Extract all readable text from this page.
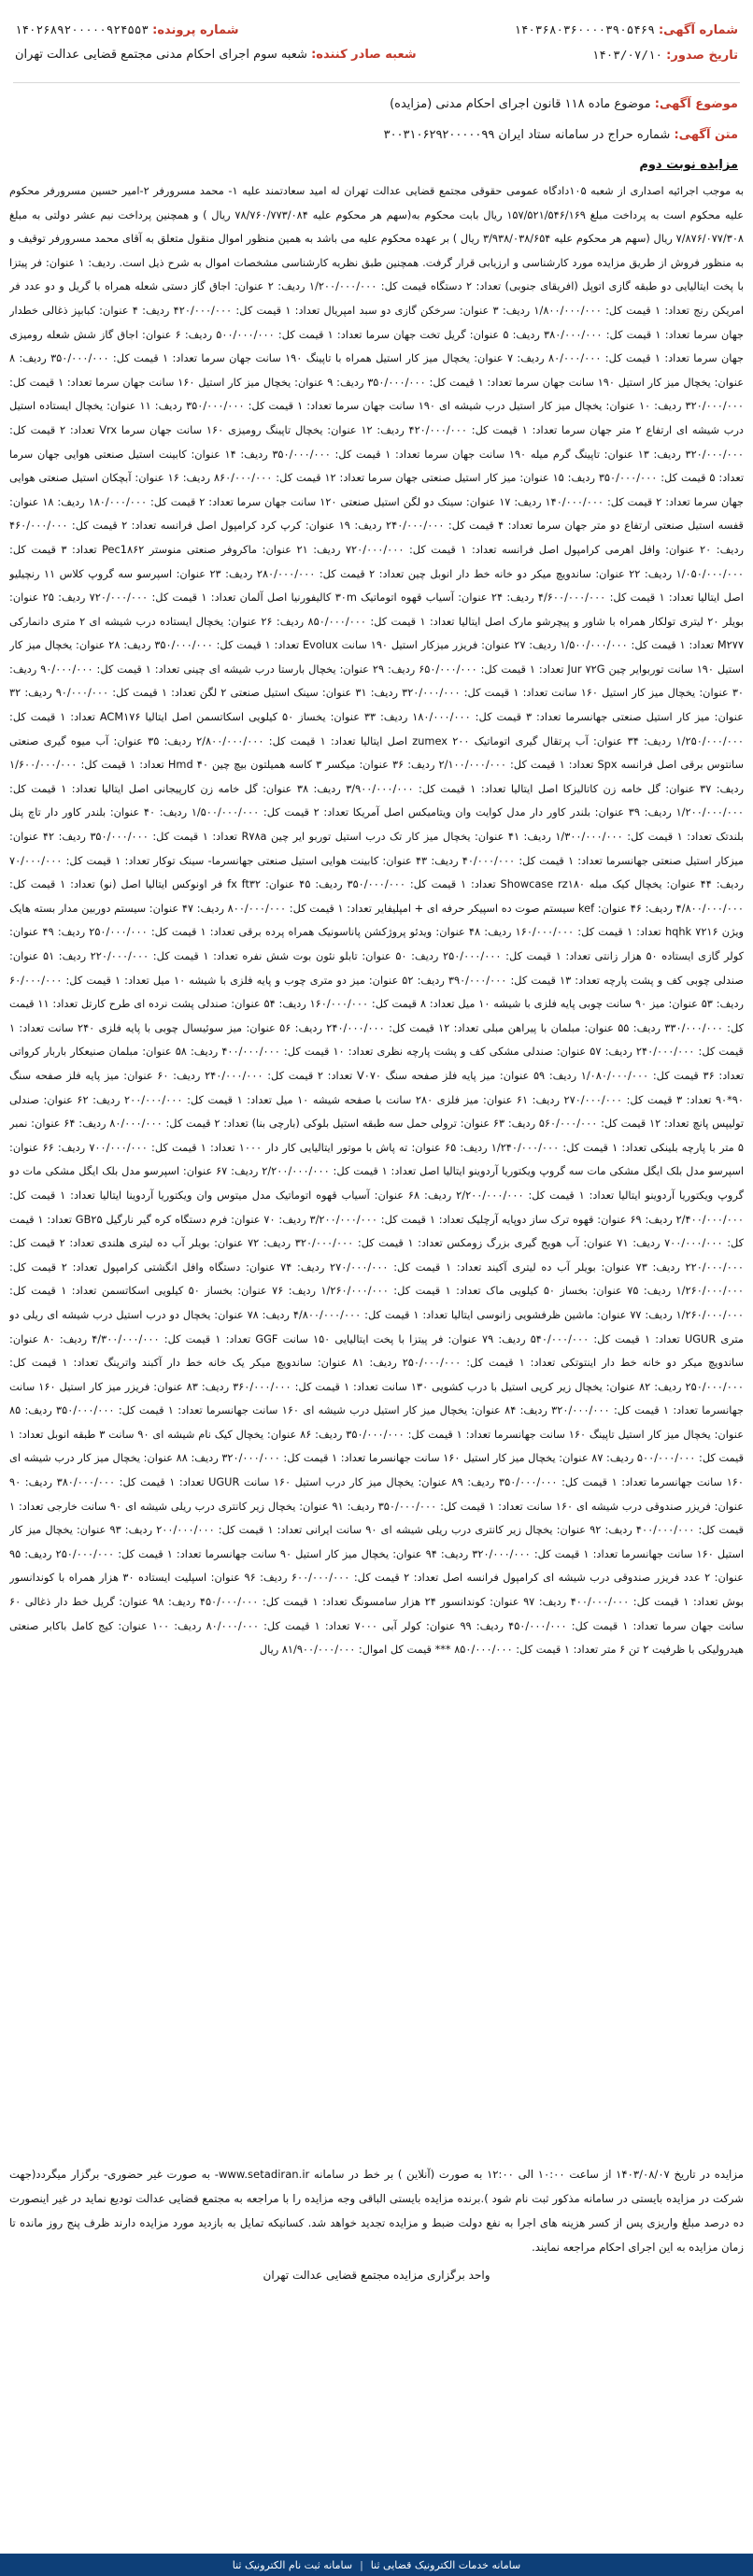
شماره آگهی: ۱۴۰۳۶۸۰۳۶۰۰۰۰۳۹۰۵۴۶۹
شماره پرونده: ۱۴۰۲۶۸۹۲۰۰۰۰۰۹۲۴۵۵۳
تاریخ صدور: ۱۴۰۳/۰۷/۱۰
شعبه صادر کننده: شعبه سوم اجرای احکام مدنی مجتمع قضایی عدالت تهران
موضوع آگهی: موضوع ماده ۱۱۸ قانون اجرای احکام مدنی (مزایده)
متن آگهی: شماره حراج در سامانه ستاد ایران ۳۰۰۳۱۰۶۲۹۲۰۰۰۰۰۹۹
مزایده نوبت دوم
به موجب اجرائیه اصداری از شعبه ۱۰۵دادگاه عمومی حقوقی مجتمع قضایی عدالت تهران له امید سعادتمند علیه ۱- محمد مسرورفر ۲-امیر حسین مسرورفر محکوم علیه محکوم است به پرداخت مبلغ ۱۵۷/۵۲۱/۵۴۶/۱۶۹ ریال بابت محکوم به(سهم هر محکوم علیه ۷۸/۷۶۰/۷۷۳/۰۸۴ ریال ) و همچنین پرداخت نیم عشر دولتی به مبلغ ۷/۸۷۶/۰۷۷/۳۰۸ ریال (سهم هر محکوم علیه ۳/۹۳۸/۰۳۸/۶۵۴ ریال ) بر عهده محکوم علیه می باشد به همین منظور اموال منقول متعلق به آقای محمد مسرورفر توقیف و به منظور فروش از طریق مزایده مورد کارشناسی و ارزیابی قرار گرفت. همچنین طبق نظریه کارشناسی مشخصات اموال به شرح ذیل است. ردیف: ۱ عنوان: فر پیتزا با پخت ایتالیایی دو طبقه گازی اتوپل (افریقای جنوبی) تعداد: ۲ دستگاه قیمت کل: ۱/۲۰۰/۰۰۰/۰۰۰ ردیف: ۲ عنوان: اجاق گاز دستی شعله همراه با گریل و دو عدد فر امریکن رنج تعداد: ۱ قیمت کل: ۱/۸۰۰/۰۰۰/۰۰۰ ردیف: ۳ عنوان: سرخکن گازی دو سبد امپریال تعداد: ۱ قیمت کل: ۴۲۰/۰۰۰/۰۰۰ ردیف: ۴ عنوان: کبابپز ذغالی خطدار جهان سرما تعداد: ۱ قیمت کل: ۳۸۰/۰۰۰/۰۰۰ ردیف: ۵ عنوان: گریل تخت جهان سرما تعداد: ۱ قیمت کل: ۵۰۰/۰۰۰/۰۰۰ ردیف: ۶ عنوان: اجاق گاز شش شعله رومیزی جهان سرما تعداد: ۱ قیمت کل: ۸۰/۰۰۰/۰۰۰ ردیف: ۷ عنوان: یخچال میز کار استیل همراه با تاپینگ ۱۹۰ سانت جهان سرما تعداد: ۱ قیمت کل: ۳۵۰/۰۰۰/۰۰۰ ردیف: ۸ عنوان: یخچال میز کار استیل ۱۹۰ سانت جهان سرما تعداد: ۱ قیمت کل: ۳۵۰/۰۰۰/۰۰۰ ردیف: ۹ عنوان: یخچال میز کار استیل ۱۶۰ سانت جهان سرما تعداد: ۱ قیمت کل: ۳۲۰/۰۰۰/۰۰۰ ردیف: ۱۰ عنوان: یخچال میز کار استیل درب شیشه ای ۱۹۰ سانت جهان سرما تعداد: ۱ قیمت کل: ۳۵۰/۰۰۰/۰۰۰ ردیف: ۱۱ عنوان: یخچال ایستاده استیل درب شیشه ای ارتفاع ۲ متر جهان سرما تعداد: ۱ قیمت کل: ۴۲۰/۰۰۰/۰۰۰ ردیف: ۱۲ عنوان: یخچال تاپینگ رومیزی ۱۶۰ سانت جهان سرما Vrx تعداد: ۲ قیمت کل: ۳۲۰/۰۰۰/۰۰۰ ردیف: ۱۳ عنوان: تاپینگ گرم میله ۱۹۰ سانت جهان سرما تعداد: ۱ قیمت کل: ۳۵۰/۰۰۰/۰۰۰ ردیف: ۱۴ عنوان: کابینت استیل صنعتی هوایی جهان سرما تعداد: ۵ قیمت کل: ۳۵۰/۰۰۰/۰۰۰ ردیف: ۱۵ عنوان: میز کار استیل صنعتی جهان سرما تعداد: ۱۲ قیمت کل: ۸۶۰/۰۰۰/۰۰۰ ردیف: ۱۶ عنوان: آبچکان استیل صنعتی هوایی جهان سرما تعداد: ۲ قیمت کل: ۱۴۰/۰۰۰/۰۰۰ ردیف: ۱۷ عنوان: سینک دو لگن استیل صنعتی ۱۲۰ سانت جهان سرما تعداد: ۲ قیمت کل: ۱۸۰/۰۰۰/۰۰۰ ردیف: ۱۸ عنوان: قفسه استیل صنعتی ارتفاع دو متر جهان سرما تعداد: ۴ قیمت کل: ۲۴۰/۰۰۰/۰۰۰ ردیف: ۱۹ عنوان: کرپ کرد کرامپول اصل فرانسه تعداد: ۲ قیمت کل: ۴۶۰/۰۰۰/۰۰۰ ردیف: ۲۰ عنوان: وافل اهرمی کرامپول اصل فرانسه تعداد: ۱ قیمت کل: ۷۲۰/۰۰۰/۰۰۰ ردیف: ۲۱ عنوان: ماکروفر صنعتی منوستر Pec1۸۶۲ تعداد: ۳ قیمت کل: ۱/۰۵۰/۰۰۰/۰۰۰ ردیف: ۲۲ عنوان: ساندویچ میکر دو خانه خط دار انوبل چین تعداد: ۲ قیمت کل: ۲۸۰/۰۰۰/۰۰۰ ردیف: ۲۳ عنوان: اسپرسو سه گروپ کلاس ۱۱ رنچیلیو اصل ایتالیا تعداد: ۱ قیمت کل: ۴/۶۰۰/۰۰۰/۰۰۰ ردیف: ۲۴ عنوان: آسیاب قهوه اتوماتیک ۳۰m کالیفورنیا اصل آلمان تعداد: ۱ قیمت کل: ۷۲۰/۰۰۰/۰۰۰ ردیف: ۲۵ عنوان: بویلر ۲۰ لیتری تولکار همراه با شاور و پیچرشو مارک اصل ایتالیا تعداد: ۱ قیمت کل: ۸۵۰/۰۰۰/۰۰۰ ردیف: ۲۶ عنوان: یخچال ایستاده درب شیشه ای ۲ متری دانمارکی M۲۷۷ تعداد: ۱ قیمت کل: ۱/۵۰۰/۰۰۰/۰۰۰ ردیف: ۲۷ عنوان: فریزر میزکار استیل ۱۹۰ سانت Evolux تعداد: ۱ قیمت کل: ۳۵۰/۰۰۰/۰۰۰ ردیف: ۲۸ عنوان: یخچال میز کار استیل ۱۹۰ سانت توربوایر چین Jur ۷۲G تعداد: ۱ قیمت کل: ۶۵۰/۰۰۰/۰۰۰ ردیف: ۲۹ عنوان: یخچال بارستا درب شیشه ای چینی تعداد: ۱ قیمت کل: ۹۰/۰۰۰/۰۰۰ ردیف: ۳۰ عنوان: یخچال میز کار استیل ۱۶۰ سانت تعداد: ۱ قیمت کل: ۳۲۰/۰۰۰/۰۰۰ ردیف: ۳۱ عنوان: سینک استیل صنعتی ۲ لگن تعداد: ۱ قیمت کل: ۹۰/۰۰۰/۰۰۰ ردیف: ۳۲ عنوان: میز کار استیل صنعتی جهانسرما تعداد: ۳ قیمت کل: ۱۸۰/۰۰۰/۰۰۰ ردیف: ۳۳ عنوان: یخساز ۵۰ کیلویی اسکاتسمن اصل ایتالیا ACM۱۷۶ تعداد: ۱ قیمت کل: ۱/۲۵۰/۰۰۰/۰۰۰ ردیف: ۳۴ عنوان: آب پرتقال گیری اتوماتیک ۲۰۰ zumex اصل ایتالیا تعداد: ۱ قیمت کل: ۲/۸۰۰/۰۰۰/۰۰۰ ردیف: ۳۵ عنوان: آب میوه گیری صنعتی سانتوس برقی اصل فرانسه Spx تعداد: ۱ قیمت کل: ۲/۱۰۰/۰۰۰/۰۰۰ ردیف: ۳۶ عنوان: میکسر ۳ کاسه همیلتون بیچ چین Hmd ۴۰ تعداد: ۱ قیمت کل: ۱/۶۰۰/۰۰۰/۰۰۰ ردیف: ۳۷ عنوان: گل خامه زن کاتالیزکا اصل ایتالیا تعداد: ۱ قیمت کل: ۳/۹۰۰/۰۰۰/۰۰۰ ردیف: ۳۸ عنوان: گل خامه زن کارپیجانی اصل ایتالیا تعداد: ۱ قیمت کل: ۱/۲۰۰/۰۰۰/۰۰۰ ردیف: ۳۹ عنوان: بلندر کاور دار مدل کوایت وان ویتامیکس اصل آمریکا تعداد: ۲ قیمت کل: ۱/۵۰۰/۰۰۰/۰۰۰ ردیف: ۴۰ عنوان: بلندر کاور دار تاچ پنل بلندتک تعداد: ۱ قیمت کل: ۱/۳۰۰/۰۰۰/۰۰۰ ردیف: ۴۱ عنوان: یخچال میز کار تک درب استیل توربو ایر چین R۷۸a تعداد: ۱ قیمت کل: ۳۵۰/۰۰۰/۰۰۰ ردیف: ۴۲ عنوان: میزکار استیل صنعتی جهانسرما تعداد: ۱ قیمت کل: ۴۰/۰۰۰/۰۰۰ ردیف: ۴۳ عنوان: کابینت هوایی استیل صنعتی جهانسرما- سینک توکار تعداد: ۱ قیمت کل: ۷۰/۰۰۰/۰۰۰ ردیف: ۴۴ عنوان: یخچال کیک مبله Showcase rz۱۸۰ تعداد: ۱ قیمت کل: ۳۵۰/۰۰۰/۰۰۰ ردیف: ۴۵ عنوان: fx ft۳۲ فر اونوکس ایتالیا اصل (نو) تعداد: ۱ قیمت کل: ۴/۸۰۰/۰۰۰/۰۰۰ ردیف: ۴۶ عنوان: kef سیستم صوت ده اسپیکر حرفه ای + امپلیفایر تعداد: ۱ قیمت کل: ۸۰۰/۰۰۰/۰۰۰ ردیف: ۴۷ عنوان: سیستم دوربین مدار بسته هایک ویژن ۷۲۱۶ hqhk تعداد: ۱ قیمت کل: ۱۶۰/۰۰۰/۰۰۰ ردیف: ۴۸ عنوان: ویدئو پروژکشن پاناسونیک همراه پرده برقی تعداد: ۱ قیمت کل: ۲۵۰/۰۰۰/۰۰۰ ردیف: ۴۹ عنوان: کولر گازی ایستاده ۵۰ هزار زانتی تعداد: ۱ قیمت کل: ۲۵۰/۰۰۰/۰۰۰ ردیف: ۵۰ عنوان: تابلو نئون بوت شش نفره تعداد: ۱ قیمت کل: ۲۲۰/۰۰۰/۰۰۰ ردیف: ۵۱ عنوان: صندلی چوبی کف و پشت پارچه تعداد: ۱۳ قیمت کل: ۳۹۰/۰۰۰/۰۰۰ ردیف: ۵۲ عنوان: میز دو متری چوب و پایه فلزی با شیشه ۱۰ میل تعداد: ۱ قیمت کل: ۶۰/۰۰۰/۰۰۰ ردیف: ۵۳ عنوان: میز ۹۰ سانت چوبی پایه فلزی با شیشه ۱۰ میل تعداد: ۸ قیمت کل: ۱۶۰/۰۰۰/۰۰۰ ردیف: ۵۴ عنوان: صندلی پشت نرده ای طرح کارتل تعداد: ۱۱ قیمت کل: ۳۳۰/۰۰۰/۰۰۰ ردیف: ۵۵ عنوان: مبلمان با پیراهن مبلی تعداد: ۱۲ قیمت کل: ۲۴۰/۰۰۰/۰۰۰ ردیف: ۵۶ عنوان: میز سوئیسال چوبی با پایه فلزی ۲۴۰ سانت تعداد: ۱ قیمت کل: ۲۴۰/۰۰۰/۰۰۰ ردیف: ۵۷ عنوان: صندلی مشکی کف و پشت پارچه نظری تعداد: ۱۰ قیمت کل: ۴۰۰/۰۰۰/۰۰۰ ردیف: ۵۸ عنوان: مبلمان صنیعکار باربار کرواتی تعداد: ۳۶ قیمت کل: ۱/۰۸۰/۰۰۰/۰۰۰ ردیف: ۵۹ عنوان: میز پایه فلز صفحه سنگ V۰۷۰ تعداد: ۲ قیمت کل: ۲۴۰/۰۰۰/۰۰۰ ردیف: ۶۰ عنوان: میز پایه فلز صفحه سنگ ۹۰*۹۰ تعداد: ۳ قیمت کل: ۲۷۰/۰۰۰/۰۰۰ ردیف: ۶۱ عنوان: میز فلزی ۲۸۰ سانت با صفحه شیشه ۱۰ میل تعداد: ۱ قیمت کل: ۲۰۰/۰۰۰/۰۰۰ ردیف: ۶۲ عنوان: صندلی تولیپس پانچ تعداد: ۱۲ قیمت کل: ۵۶۰/۰۰۰/۰۰۰ ردیف: ۶۳ عنوان: ترولی حمل سه طبقه استیل بلوکی (بارچی بنا) تعداد: ۲ قیمت کل: ۸۰/۰۰۰/۰۰۰ ردیف: ۶۴ عنوان: نمبر ۵ متر با پارچه بلینکی تعداد: ۱ قیمت کل: ۱/۲۴۰/۰۰۰/۰۰۰ ردیف: ۶۵ عنوان: ته پاش با موتور ایتالیایی کار دار ۱۰۰۰ تعداد: ۱ قیمت کل: ۷۰۰/۰۰۰/۰۰۰ ردیف: ۶۶ عنوان: اسپرسو مدل بلک ایگل مشکی مات سه گروپ ویکتوریا آردوینو ایتالیا اصل تعداد: ۱ قیمت کل: ۲/۲۰۰/۰۰۰/۰۰۰ ردیف: ۶۷ عنوان: اسپرسو مدل بلک ایگل مشکی مات دو گروپ ویکتوریا آردوینو ایتالیا تعداد: ۱ قیمت کل: ۲/۲۰۰/۰۰۰/۰۰۰ ردیف: ۶۸ عنوان: آسیاب قهوه اتوماتیک مدل میتوس وان ویکتوریا آردوینا ایتالیا تعداد: ۱ قیمت کل: ۲/۴۰۰/۰۰۰/۰۰۰ ردیف: ۶۹ عنوان: قهوه ترک ساز دوپایه آرچلیک تعداد: ۱ قیمت کل: ۳/۲۰۰/۰۰۰/۰۰۰ ردیف: ۷۰ عنوان: فرم دستگاه کره گیر نارگیل GB۲۵ تعداد: ۱ قیمت کل: ۷۰۰/۰۰۰/۰۰۰ ردیف: ۷۱ عنوان: آب هویج گیری بزرگ زومکس تعداد: ۱ قیمت کل: ۳۲۰/۰۰۰/۰۰۰ ردیف: ۷۲ عنوان: بویلر آب ده لیتری هلندی تعداد: ۲ قیمت کل: ۲۲۰/۰۰۰/۰۰۰ ردیف: ۷۳ عنوان: بویلر آب ده لیتری آکیند تعداد: ۱ قیمت کل: ۲۷۰/۰۰۰/۰۰۰ ردیف: ۷۴ عنوان: دستگاه وافل انگشتی کرامپول تعداد: ۲ قیمت کل: ۱/۲۶۰/۰۰۰/۰۰۰ ردیف: ۷۵ عنوان: بخساز ۵۰ کیلویی ماک تعداد: ۱ قیمت کل: ۱/۲۶۰/۰۰۰/۰۰۰ ردیف: ۷۶ عنوان: بخساز ۵۰ کیلویی اسکاتسمن تعداد: ۱ قیمت کل: ۱/۲۶۰/۰۰۰/۰۰۰ ردیف: ۷۷ عنوان: ماشین ظرفشویی زانوسی ایتالیا تعداد: ۱ قیمت کل: ۴/۸۰۰/۰۰۰/۰۰۰ ردیف: ۷۸ عنوان: یخچال دو درب استیل درب شیشه ای ریلی دو متری UGUR تعداد: ۱ قیمت کل: ۵۴۰/۰۰۰/۰۰۰ ردیف: ۷۹ عنوان: فر پیتزا با پخت ایتالیایی ۱۵۰ سانت GGF تعداد: ۱ قیمت کل: ۴/۳۰۰/۰۰۰/۰۰۰ ردیف: ۸۰ عنوان: ساندویچ میکر دو خانه خط دار اینتوتکی تعداد: ۱ قیمت کل: ۲۵۰/۰۰۰/۰۰۰ ردیف: ۸۱ عنوان: ساندویچ میکر یک خانه خط دار آکبند واترینگ تعداد: ۱ قیمت کل: ۲۵۰/۰۰۰/۰۰۰ ردیف: ۸۲ عنوان: یخچال زیر کرپی استیل با درب کشویی ۱۳۰ سانت تعداد: ۱ قیمت کل: ۳۶۰/۰۰۰/۰۰۰ ردیف: ۸۳ عنوان: فریزر میز کار استیل ۱۶۰ سانت جهانسرما تعداد: ۱ قیمت کل: ۳۲۰/۰۰۰/۰۰۰ ردیف: ۸۴ عنوان: یخچال میز کار استیل درب شیشه ای ۱۶۰ سانت جهانسرما تعداد: ۱ قیمت کل: ۳۵۰/۰۰۰/۰۰۰ ردیف: ۸۵ عنوان: یخچال میز کار استیل تاپینگ ۱۶۰ سانت جهانسرما تعداد: ۱ قیمت کل: ۳۵۰/۰۰۰/۰۰۰ ردیف: ۸۶ عنوان: یخچال کیک نام شیشه ای ۹۰ سانت ۳ طبقه انوبل تعداد: ۱ قیمت کل: ۵۰۰/۰۰۰/۰۰۰ ردیف: ۸۷ عنوان: یخچال میز کار استیل ۱۶۰ سانت جهانسرما تعداد: ۱ قیمت کل: ۳۲۰/۰۰۰/۰۰۰ ردیف: ۸۸ عنوان: یخچال میز کار درب شیشه ای ۱۶۰ سانت جهانسرما تعداد: ۱ قیمت کل: ۳۵۰/۰۰۰/۰۰۰ ردیف: ۸۹ عنوان: یخچال میز کار درب استیل ۱۶۰ سانت UGUR تعداد: ۱ قیمت کل: ۳۸۰/۰۰۰/۰۰۰ ردیف: ۹۰ عنوان: فریزر صندوقی درب شیشه ای ۱۶۰ سانت تعداد: ۱ قیمت کل: ۳۵۰/۰۰۰/۰۰۰ ردیف: ۹۱ عنوان: یخچال زیر کانتری درب ریلی شیشه ای ۹۰ سانت خارجی تعداد: ۱ قیمت کل: ۴۰۰/۰۰۰/۰۰۰ ردیف: ۹۲ عنوان: یخچال زیر کانتری درب ریلی شیشه ای ۹۰ سانت ایرانی تعداد: ۱ قیمت کل: ۲۰۰/۰۰۰/۰۰۰ ردیف: ۹۳ عنوان: یخچال میز کار استیل ۱۶۰ سانت جهانسرما تعداد: ۱ قیمت کل: ۳۲۰/۰۰۰/۰۰۰ ردیف: ۹۴ عنوان: یخچال میز کار استیل ۹۰ سانت جهانسرما تعداد: ۱ قیمت کل: ۲۵۰/۰۰۰/۰۰۰ ردیف: ۹۵ عنوان: ۲ عدد فریزر صندوقی درب شیشه ای کرامپول فرانسه اصل تعداد: ۲ قیمت کل: ۶۰۰/۰۰۰/۰۰۰ ردیف: ۹۶ عنوان: اسپلیت ایستاده ۳۰ هزار همراه با کوندانسور بوش تعداد: ۱ قیمت کل: ۴۰۰/۰۰۰/۰۰۰ ردیف: ۹۷ عنوان: کوندانسور ۲۴ هزار سامسونگ تعداد: ۱ قیمت کل: ۴۵۰/۰۰۰/۰۰۰ ردیف: ۹۸ عنوان: گریل خط دار ذغالی ۶۰ سانت جهان سرما تعداد: ۱ قیمت کل: ۴۵۰/۰۰۰/۰۰۰ ردیف: ۹۹ عنوان: کولر آبی ۷۰۰۰ تعداد: ۱ قیمت کل: ۸۰/۰۰۰/۰۰۰ ردیف: ۱۰۰ عنوان: کیج کامل باکابر صنعتی هیدرولیکی با ظرفیت ۲ تن ۶ متر تعداد: ۱ قیمت کل: ۸۵۰/۰۰۰/۰۰۰ *** قیمت کل اموال: ۸۱/۹۰۰/۰۰۰/۰۰۰ ریال
مزایده در تاریخ ۱۴۰۳/۰۸/۰۷ از ساعت ۱۰:۰۰ الی ۱۲:۰۰ به صورت (آنلاین ) بر خط در سامانه www.setadiran.ir- به صورت غیر حضوری- برگزار میگردد(جهت شرکت در مزایده بایستی در سامانه مذکور ثبت نام شود ).برنده مزایده بایستی الباقی وجه مزایده را با مراجعه به مجتمع قضایی عدالت تودیع نماید در غیر اینصورت ده درصد مبلغ واریزی پس از کسر هزینه های اجرا به نفع دولت ضبط و مزایده تجدید خواهد شد. کسانیکه تمایل به بازدید مورد مزایده دارند ظرف پنج روز مانده تا زمان مزایده به این اجرای احکام مراجعه نمایند.
واحد برگزاری مزایده مجتمع قضایی عدالت تهران
سامانه خدمات الکترونیک قضایی ثنا
|
سامانه ثبت نام الکترونیک ثنا
